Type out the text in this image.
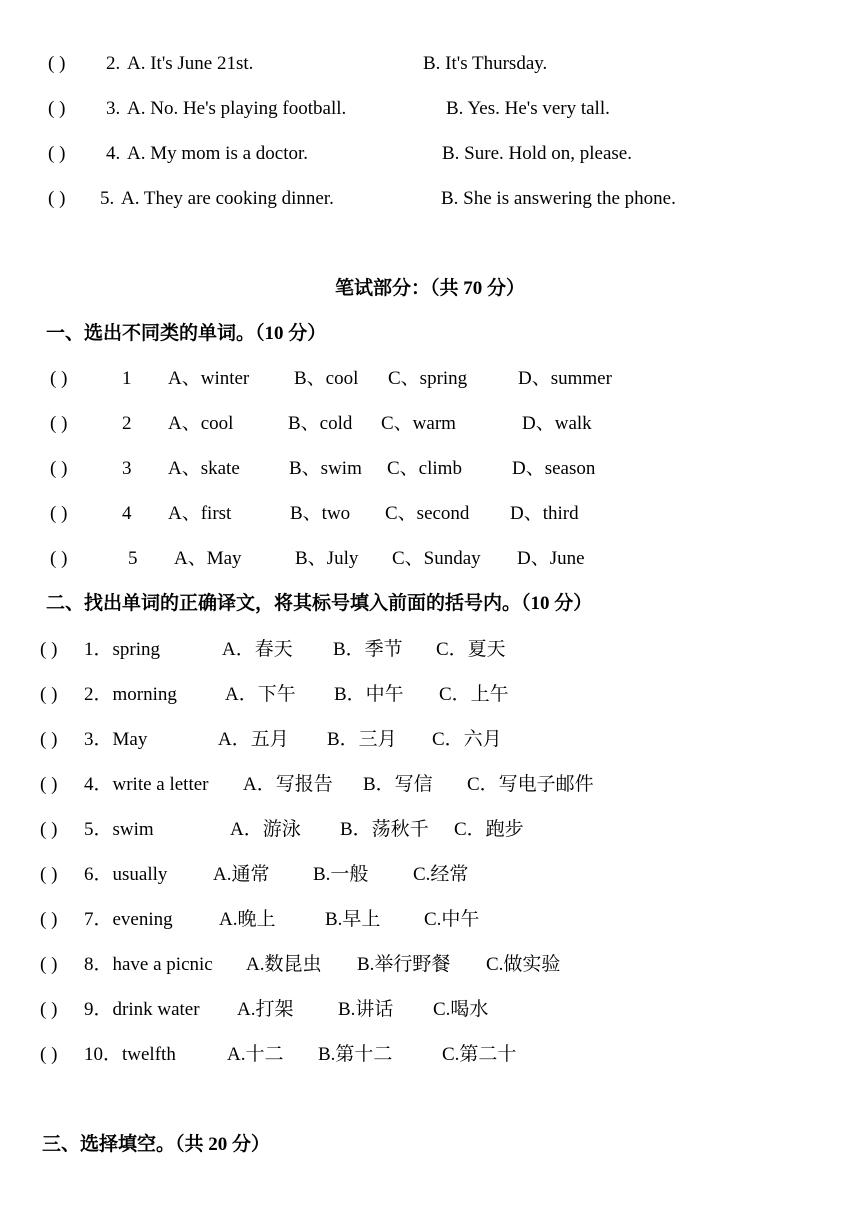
( ) 2. A. It's June 21st.	B. It's Thursday.
( ) 3. A. No. He's playing football.	B. Yes. He's very tall.
( ) 4. A. My mom is a doctor.	B. Sure. Hold on, please.
( ) 5. A. They are cooking dinner.	B. She is answering the phone.
笔试部分：（共 70 分）
一、选出不同类的单词。（10 分）
( )	1 A、winter B、cool C、spring	D、summer
( )	2 A、cool	B、cold C、warm	D、walk
( )	3 A、skate	B、swim C、climb	D、season
( )	4 A、first	B、two C、second D、third
( )	5 A、May	B、July C、Sunday D、June
二、找出单词的正确译文，将其标号填入前面的括号内。（10 分）
( ) 1．spring	A．春天 B．季节 C．夏天
( ) 2．morning	A．下午 B．中午 C．上午
( ) 3．May	A．五月 B．三月 C．六月
( ) 4．write a letter A．写报告 B．写信 C．写电子邮件
( ) 5．swim	A．游泳 B．荡秋千 C．跑步
( ) 6．usually A.通常 B.一般 C.经常
( ) 7．evening A.晚上	B.早上 C.中午
( ) 8．have a picnic A.数昆虫 B.举行野餐 C.做实验
( ) 9．drink water A.打架 B.讲话 C.喝水
( ) 10．twelfth	A.十二 B.第十二	C.第二十
三、选择填空。（共 20 分）
